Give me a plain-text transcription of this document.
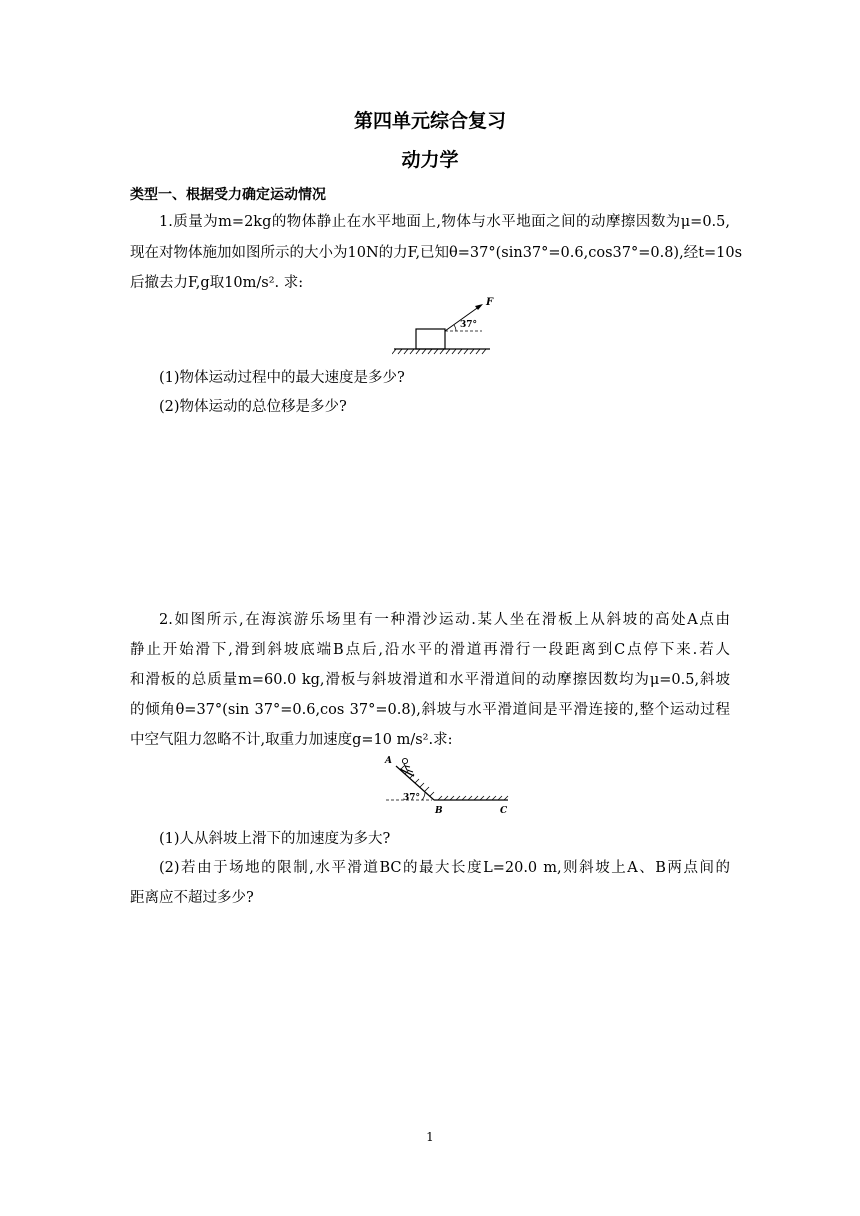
第四单元综合复习
动力学
类型一、根据受力确定运动情况
1.质量为m=2kg的物体静止在水平地面上,物体与水平地面之间的动摩擦因数为μ=0.5,
现在对物体施加如图所示的大小为10N的力F,已知θ=37°(sin37°=0.6,cos37°=0.8),经t=10s
后撤去力F,g取10m/s². 求:
F
37°
(1)物体运动过程中的最大速度是多少?
(2)物体运动的总位移是多少?
2.如图所示,在海滨游乐场里有一种滑沙运动.某人坐在滑板上从斜坡的高处A点由
静止开始滑下,滑到斜坡底端B点后,沿水平的滑道再滑行一段距离到C点停下来.若人
和滑板的总质量m=60.0 kg,滑板与斜坡滑道和水平滑道间的动摩擦因数均为μ=0.5,斜坡
的倾角θ=37°(sin 37°=0.6,cos 37°=0.8),斜坡与水平滑道间是平滑连接的,整个运动过程
中空气阻力忽略不计,取重力加速度g=10 m/s².求:
A
37°
B	C
(1)人从斜坡上滑下的加速度为多大?
(2)若由于场地的限制,水平滑道BC的最大长度L=20.0 m,则斜坡上A、B两点间的
距离应不超过多少?
1
